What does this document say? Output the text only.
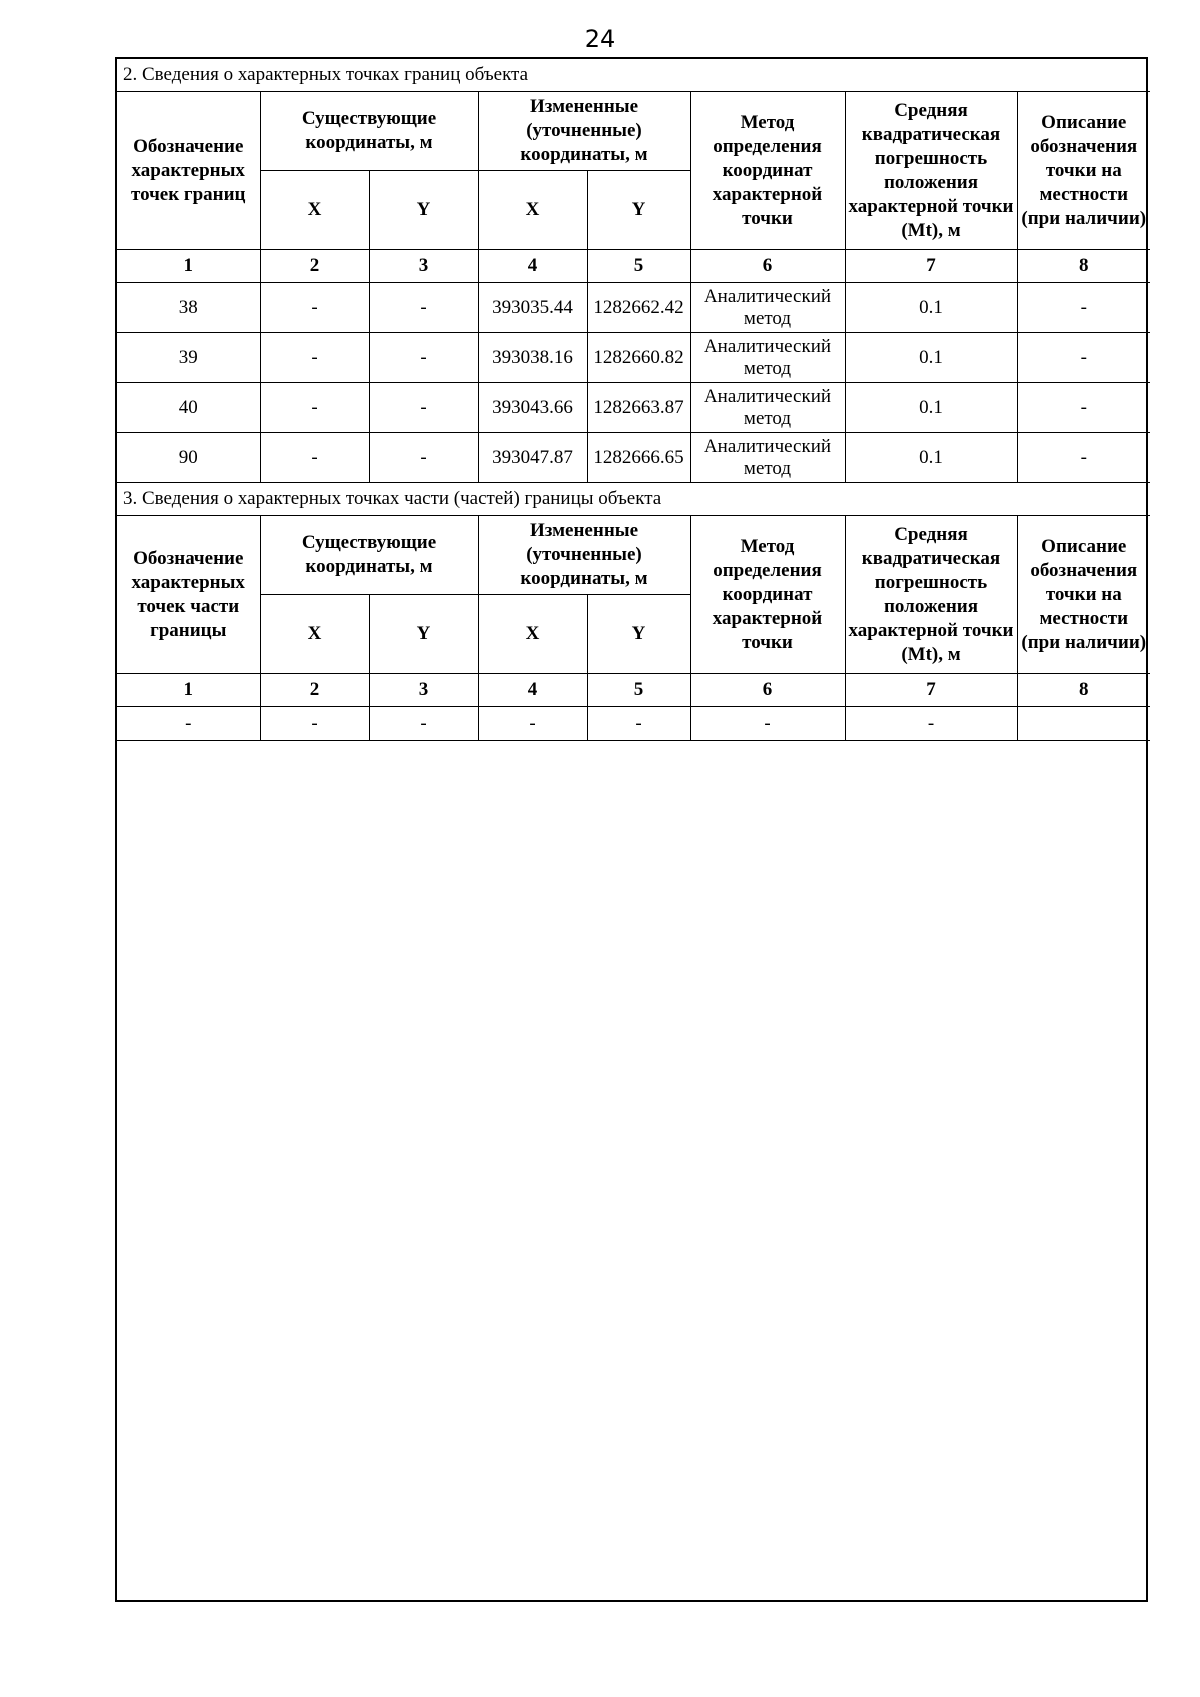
24
2. Сведения о характерных точках границ объекта							
Обозначение характерных точек границ	Существующие координаты, м		Измененные (уточненные) координаты, м		Метод определения координат характерной точки	Средняя квадратическая погрешность положения характерной точки (Mt), м	Описание обозначения точки на местности (при наличии)
	X	Y	X	Y			
1	2	3	4	5	6	7	8
38	-	-	393035.44	1282662.42	Аналитический метод	0.1	-
39	-	-	393038.16	1282660.82	Аналитический метод	0.1	-
40	-	-	393043.66	1282663.87	Аналитический метод	0.1	-
90	-	-	393047.87	1282666.65	Аналитический метод	0.1	-
3. Сведения о характерных точках части (частей) границы объекта							
Обозначение характерных точек части границы	Существующие координаты, м		Измененные (уточненные) координаты, м		Метод определения координат характерной точки	Средняя квадратическая погрешность положения характерной точки (Mt), м	Описание обозначения точки на местности (при наличии)
	X	Y	X	Y			
1	2	3	4	5	6	7	8
-	-	-	-	-	-	-	
